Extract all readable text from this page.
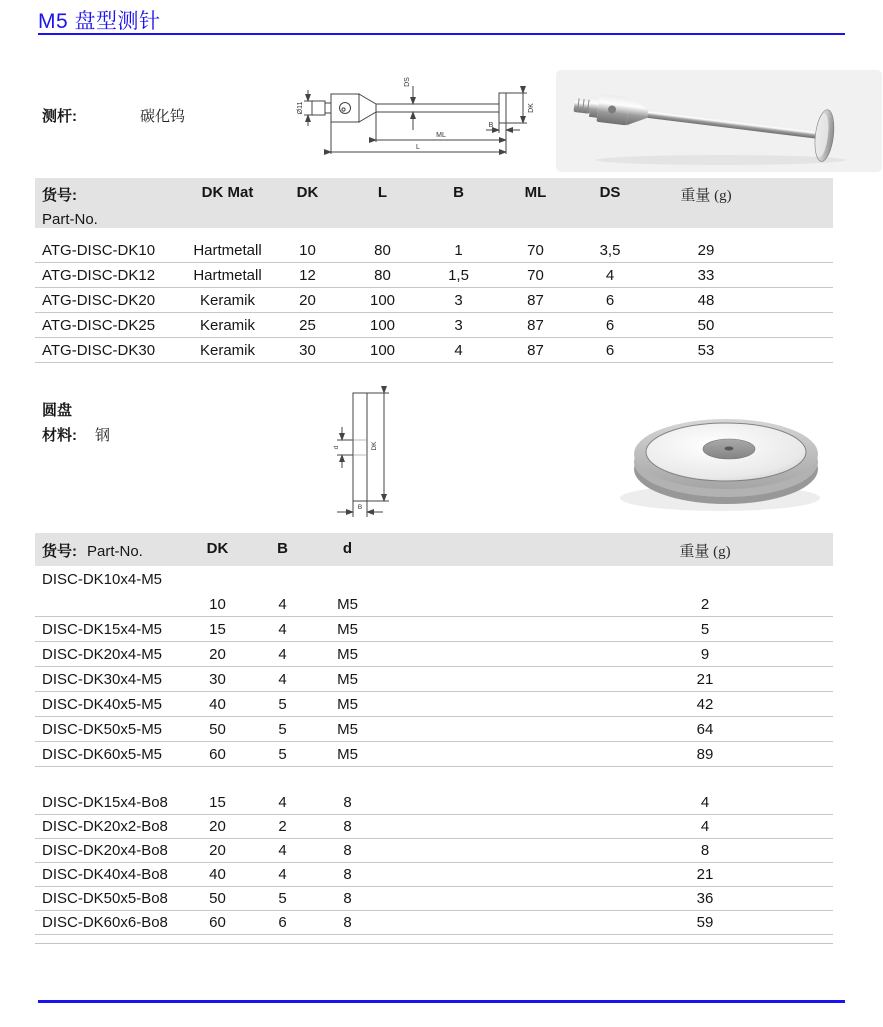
M5 盘型测针
测杆:	碳化钨	Ø11
DS
DK
B
ML
L
货号:
Part-No.
DK Mat	DK	L	B	ML	DS	重量 (g)
ATG-DISC-DK10	Hartmetall	10	80	1	70	3,5	29
ATG-DISC-DK12	Hartmetall	12	80	1,5	70	4	33
ATG-DISC-DK20	Keramik	20	100	3	87	6	48
ATG-DISC-DK25	Keramik	25	100	3	87	6	50
ATG-DISC-DK30	Keramik	30	100	4	87	6	53
圆盘
材料: 钢
d	DK
B
货号: Part-No.	DK	B	d	重量 (g)
DISC-DK10x4-M5
10	4	M5	2
DISC-DK15x4-M5	15	4	M5	5
DISC-DK20x4-M5	20	4	M5	9
DISC-DK30x4-M5	30	4	M5	21
DISC-DK40x5-M5	40	5	M5	42
DISC-DK50x5-M5	50	5	M5	64
DISC-DK60x5-M5	60	5	M5	89
DISC-DK15x4-Bo8	15	4	8	4
DISC-DK20x2-Bo8	20	2	8	4
DISC-DK20x4-Bo8	20	4	8	8
DISC-DK40x4-Bo8	40	4	8	21
DISC-DK50x5-Bo8	50	5	8	36
DISC-DK60x6-Bo8	60	6	8	59
